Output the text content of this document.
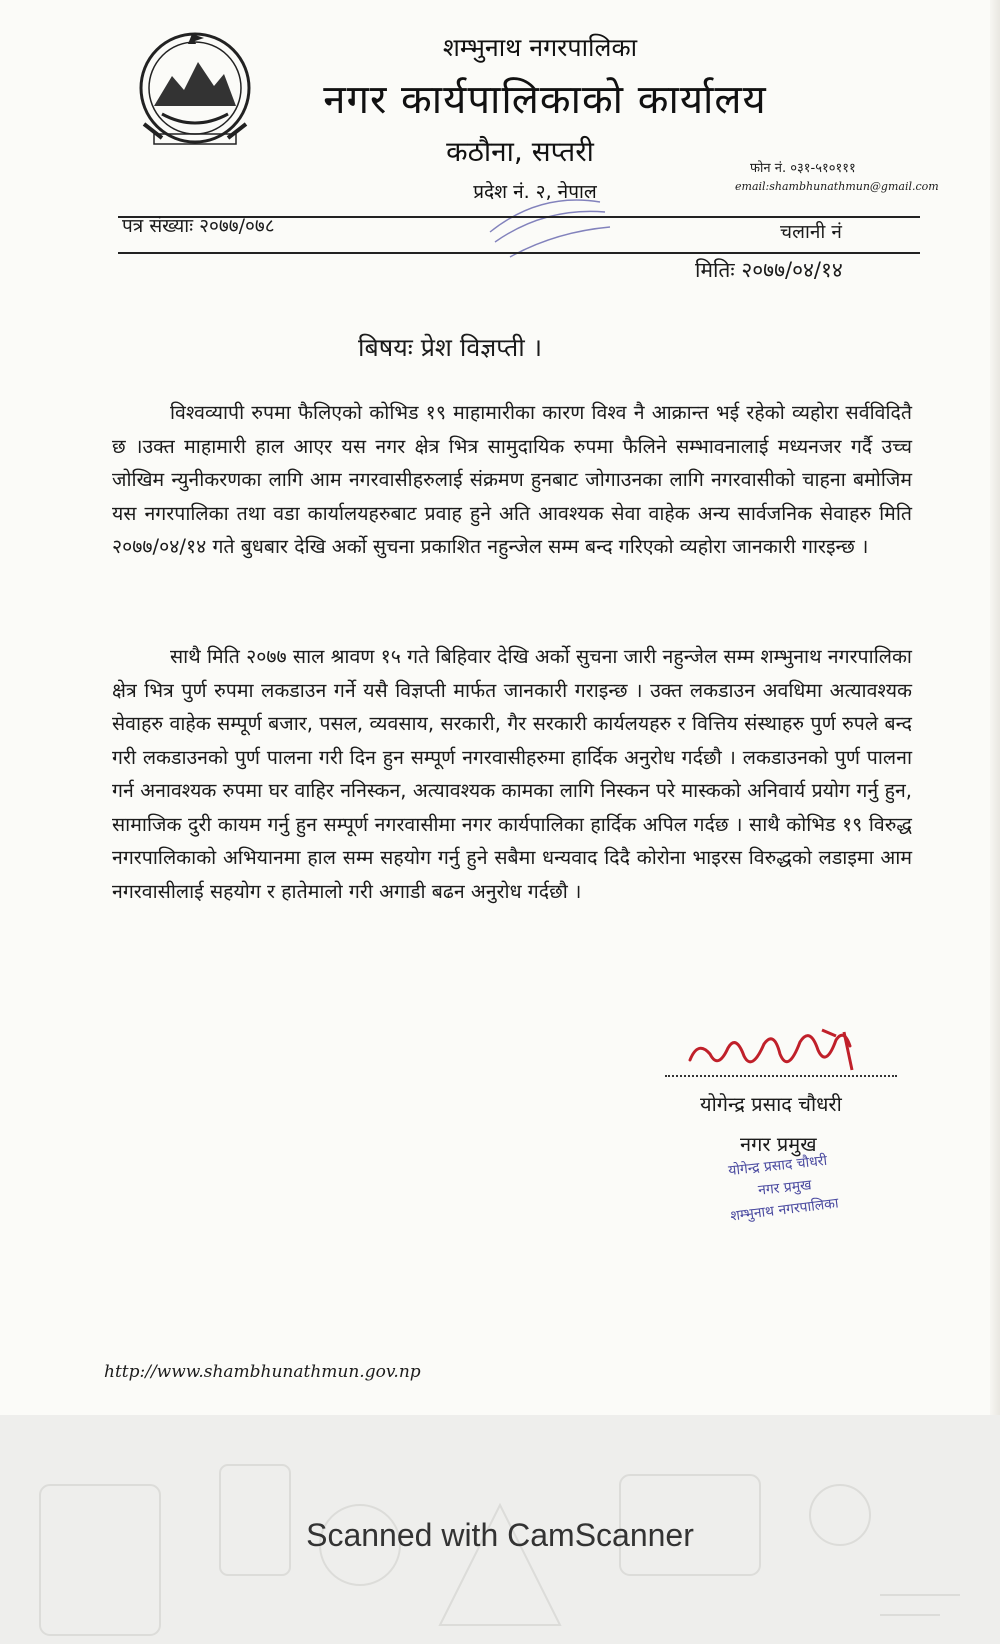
शम्भुनाथ नगरपालिका
नगर कार्यपालिकाको कार्यालय
कठौना, सप्तरी
प्रदेश नं. २, नेपाल
फोन नं. ०३१-५१०१११
email:shambhunathmun@gmail.com
पत्र संख्याः २०७७/०७८	चलानी नं
मितिः २०७७/०४/१४
बिषयः प्रेश विज्ञप्ती ।
विश्वव्यापी रुपमा फैलिएको कोभिड १९ माहामारीका कारण विश्व नै आक्रान्त भई रहेको व्यहोरा सर्वविदितै छ ।उक्त माहामारी हाल आएर यस नगर क्षेत्र भित्र सामुदायिक रुपमा फैलिने सम्भावनालाई मध्यनजर गर्दै उच्च जोखिम न्युनीकरणका लागि आम नगरवासीहरुलाई संक्रमण हुनबाट जोगाउनका लागि नगरवासीको चाहना बमोजिम यस नगरपालिका तथा वडा कार्यालयहरुबाट प्रवाह हुने अति आवश्यक सेवा वाहेक अन्य सार्वजनिक सेवाहरु मिति २०७७/०४/१४ गते बुधबार देखि अर्को सुचना प्रकाशित नहुन्जेल सम्म बन्द गरिएको व्यहोरा जानकारी गारइन्छ ।
साथै मिति २०७७ साल श्रावण १५ गते बिहिवार देखि अर्को सुचना जारी नहुन्जेल सम्म शम्भुनाथ नगरपालिका क्षेत्र भित्र पुर्ण रुपमा लकडाउन गर्ने यसै विज्ञप्ती मार्फत जानकारी गराइन्छ । उक्त लकडाउन अवधिमा अत्यावश्यक सेवाहरु वाहेक सम्पूर्ण बजार, पसल, व्यवसाय, सरकारी, गैर सरकारी कार्यलयहरु र वित्तिय संस्थाहरु पुर्ण रुपले बन्द गरी लकडाउनको पुर्ण पालना गरी दिन हुन सम्पूर्ण नगरवासीहरुमा हार्दिक अनुरोध गर्दछौ । लकडाउनको पुर्ण पालना गर्न अनावश्यक रुपमा घर वाहिर ननिस्कन, अत्यावश्यक कामका लागि निस्कन परे मास्कको अनिवार्य प्रयोग गर्नु हुन, सामाजिक दुरी कायम गर्नु हुन सम्पूर्ण नगरवासीमा नगर कार्यपालिका हार्दिक अपिल गर्दछ । साथै कोभिड १९ विरुद्ध नगरपालिकाको अभियानमा हाल सम्म सहयोग गर्नु हुने सबैमा धन्यवाद दिदै कोरोना भाइरस विरुद्धको लडाइमा आम नगरवासीलाई सहयोग र हातेमालो गरी अगाडी बढन अनुरोध गर्दछौ ।
योगेन्द्र प्रसाद चौधरी
नगर प्रमुख
योगेन्द्र प्रसाद चौधरी
नगर प्रमुख
शम्भुनाथ नगरपालिका
http://www.shambhunathmun.gov.np
Scanned with CamScanner
